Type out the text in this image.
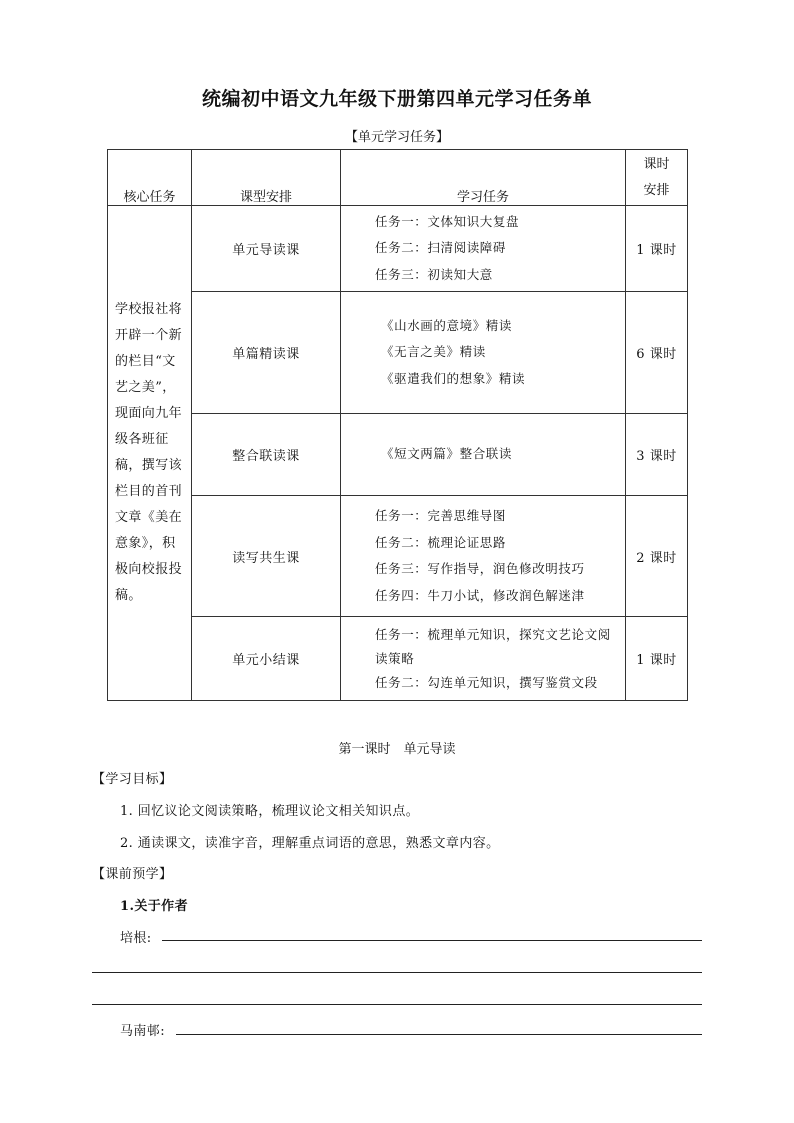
统编初中语文九年级下册第四单元学习任务单
【单元学习任务】
核心任务	课型安排	学习任务	课时
安排

学校报社将开辟一个新的栏目“文艺之美”，现面向九年级各班征稿，撰写该栏目的首刊文章《美在意象》，积极向校报投稿。	单元导读课	任务一：文体知识大复盘
任务二：扫清阅读障碍
任务三：初读知大意	1 课时
	单篇精读课	《山水画的意境》精读
《无言之美》精读
《驱遣我们的想象》精读	6 课时
	整合联读课	《短文两篇》整合联读	3 课时
	读写共生课	任务一：完善思维导图
任务二：梳理论证思路
任务三：写作指导，润色修改明技巧
任务四：牛刀小试，修改润色解迷津	2 课时
	单元小结课	任务一：梳理单元知识，探究文艺论文阅读策略
任务二：勾连单元知识，撰写鉴赏文段	1 课时
第一课时　单元导读
【学习目标】
1. 回忆议论文阅读策略，梳理议论文相关知识点。
2. 通读课文，读准字音，理解重点词语的意思，熟悉文章内容。
【课前预学】
1.关于作者
培根:
马南邨:
